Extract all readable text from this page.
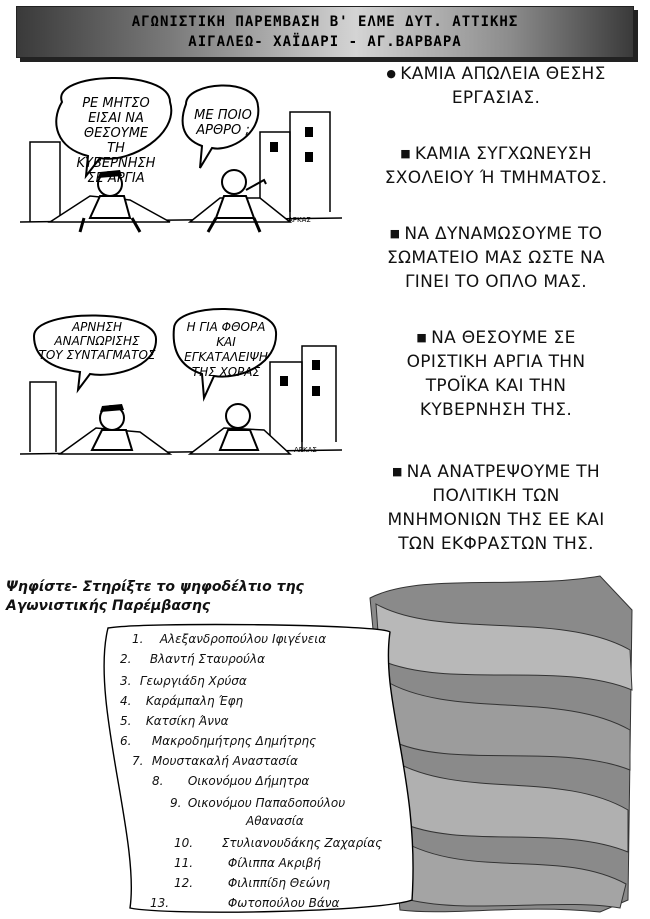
ΑΓΩΝΙΣΤΙΚΗ ΠΑΡΕΜΒΑΣΗ Β' ΕΛΜΕ ΔΥΤ. ΑΤΤΙΚΗΣ
ΑΙΓΑΛΕΩ- ΧΑΪΔΑΡΙ - ΑΓ.ΒΑΡΒΑΡΑ
ΑΡΚΑΣ
ΡΕ ΜΗΤΣΟ
ΕΙΣΑΙ ΝΑ ΘΕΣΟΥΜΕ
ΤΗ ΚΥΒΕΡΝΗΣΗ
ΣΕ ΑΡΓΙΑ
ΜΕ ΠΟΙΟ
ΑΡΘΡΟ ;
ΑΡΚΑΣ
ΑΡΝΗΣΗ
ΑΝΑΓΝΩΡΙΣΗΣ
ΤΟΥ ΣΥΝΤΑΓΜΑΤΟΣ
Η ΓΙΑ ΦΘΟΡΑ
ΚΑΙ ΕΓΚΑΤΑΛΕΙΨΗ
ΤΗΣ ΧΩΡΑΣ
● ΚΑΜΙΑ ΑΠΩΛΕΙΑ ΘΕΣΗΣ
ΕΡΓΑΣΙΑΣ.
■ ΚΑΜΙΑ ΣΥΓΧΩΝΕΥΣΗ
ΣΧΟΛΕΙΟΥ Ή ΤΜΗΜΑΤΟΣ.
■ ΝΑ ΔΥΝΑΜΩΣΟΥΜΕ ΤΟ
ΣΩΜΑΤΕΙΟ ΜΑΣ ΩΣΤΕ ΝΑ
ΓΙΝΕΙ ΤΟ ΟΠΛΟ ΜΑΣ.
■ ΝΑ ΘΕΣΟΥΜΕ ΣΕ
ΟΡΙΣΤΙΚΗ ΑΡΓΙΑ ΤΗΝ
ΤΡΟΪΚΑ ΚΑΙ ΤΗΝ
ΚΥΒΕΡΝΗΣΗ ΤΗΣ.
■ ΝΑ ΑΝΑΤΡΕΨΟΥΜΕ ΤΗ
ΠΟΛΙΤΙΚΗ ΤΩΝ
ΜΝΗΜΟΝΙΩΝ ΤΗΣ ΕΕ ΚΑΙ
ΤΩΝ ΕΚΦΡΑΣΤΩΝ ΤΗΣ.
Ψηφίστε- Στηρίξτε το ψηφοδέλτιο της
Αγωνιστικής Παρέμβασης
1. Αλεξανδροπούλου Ιφιγένεια
2. Βλαντή Σταυρούλα
3. Γεωργιάδη Χρύσα
4. Καράμπαλη Έφη
5. Κατσίκη Άννα
6. Μακροδημήτρης Δημήτρης
7. Μουστακαλή Αναστασία
8. Οικονόμου Δήμητρα
9. Οικονόμου Παπαδοπούλου
Αθανασία
10. Στυλιανουδάκης Ζαχαρίας
11.	Φίλιππα Ακριβή
12.	Φιλιππίδη Θεώνη
13.	Φωτοπούλου Βάνα
